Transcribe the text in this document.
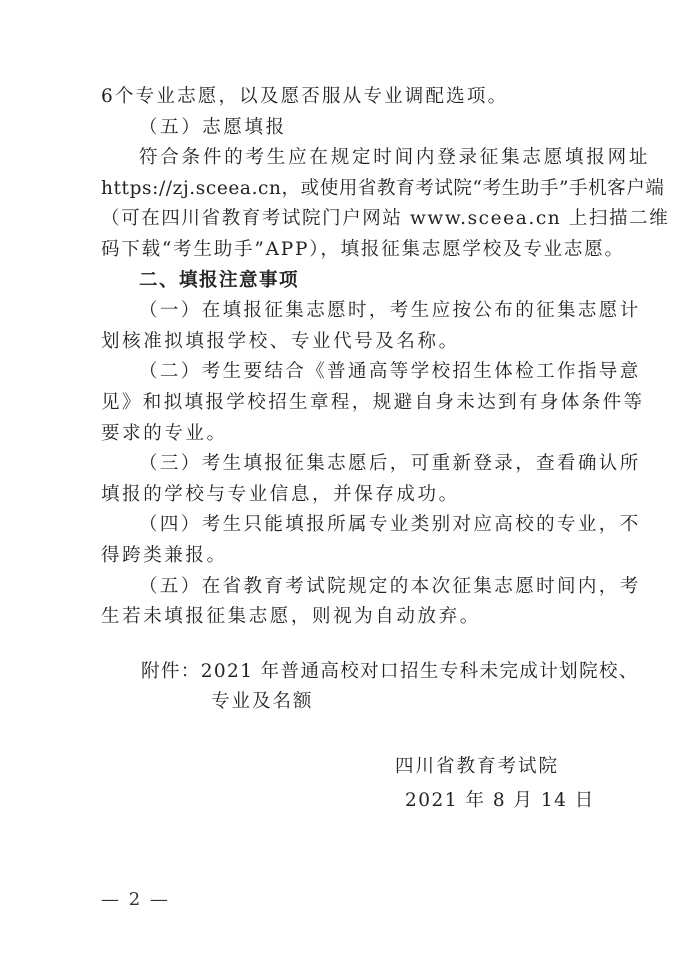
6个专业志愿，以及愿否服从专业调配选项。
（五）志愿填报
符合条件的考生应在规定时间内登录征集志愿填报网址
https://zj.sceea.cn，或使用省教育考试院“考生助手”手机客户端
（可在四川省教育考试院门户网站 www.sceea.cn 上扫描二维
码下载“考生助手”APP），填报征集志愿学校及专业志愿。
二、填报注意事项
（一）在填报征集志愿时，考生应按公布的征集志愿计
划核准拟填报学校、专业代号及名称。
（二）考生要结合《普通高等学校招生体检工作指导意
见》和拟填报学校招生章程，规避自身未达到有身体条件等
要求的专业。
（三）考生填报征集志愿后，可重新登录，查看确认所
填报的学校与专业信息，并保存成功。
（四）考生只能填报所属专业类别对应高校的专业，不
得跨类兼报。
（五）在省教育考试院规定的本次征集志愿时间内，考
生若未填报征集志愿，则视为自动放弃。
附件：2021 年普通高校对口招生专科未完成计划院校、
专业及名额
四川省教育考试院
2021 年 8 月 14 日
— 2 —
